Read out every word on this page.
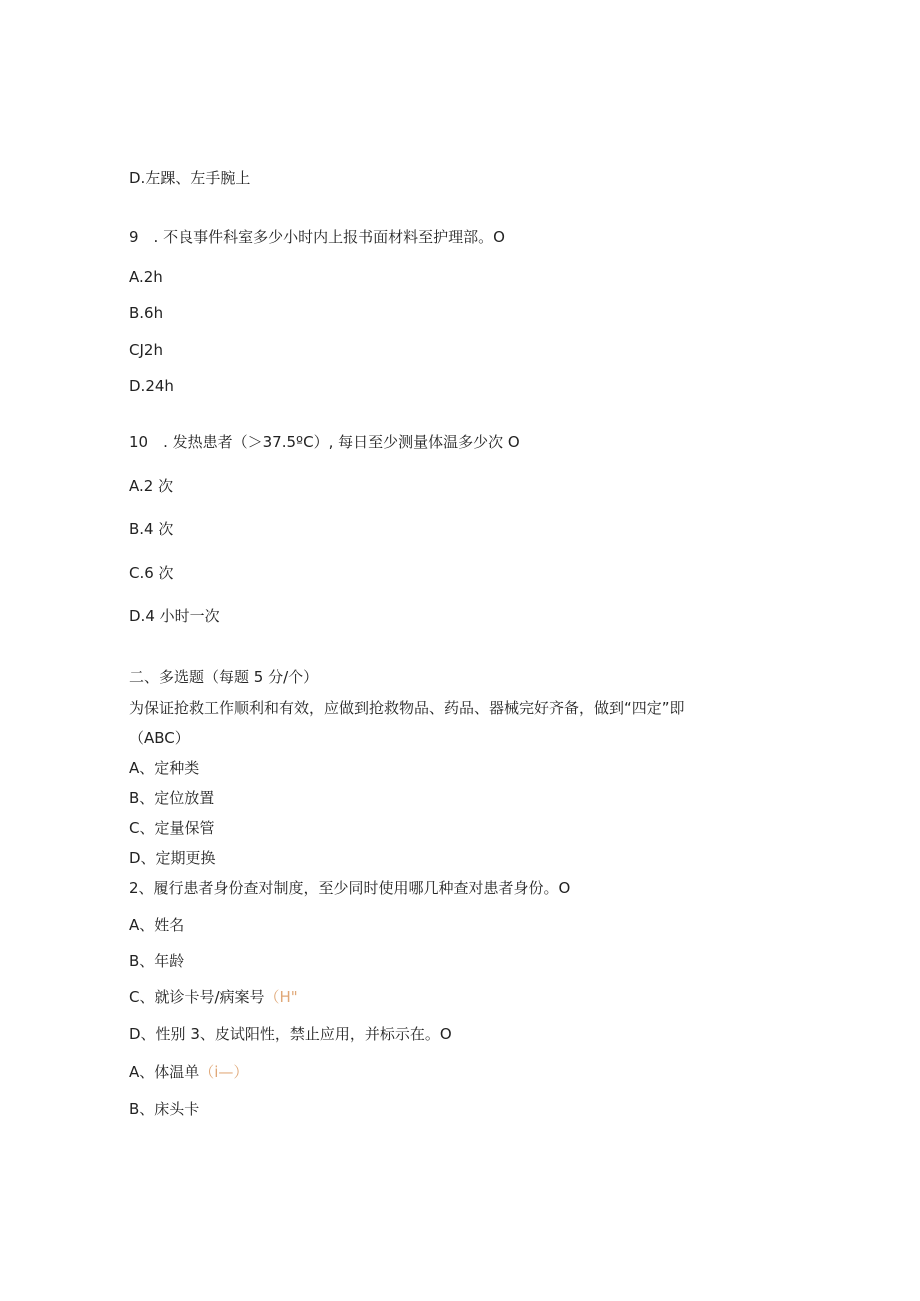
D.左踝、左手腕上
9　. 不良事件科室多少小时内上报书面材料至护理部。O
A.2h
B.6h
CJ2h
D.24h
10　. 发热患者（＞37.5ºC）, 每日至少测量体温多少次 O
A.2 次
B.4 次
C.6 次
D.4 小时一次
二、多选题（每题 5 分/个）
为保证抢救工作顺利和有效，应做到抢救物品、药品、器械完好齐备，做到“四定”即
（ABC）
A、定种类
B、定位放置
C、定量保管
D、定期更换
2、履行患者身份查对制度，至少同时使用哪几种查对患者身份。O
A、姓名
B、年龄
C、就诊卡号/病案号（H"
D、性别 3、皮试阳性，禁止应用，并标示在。O
A、体温单（i—）
B、床头卡
